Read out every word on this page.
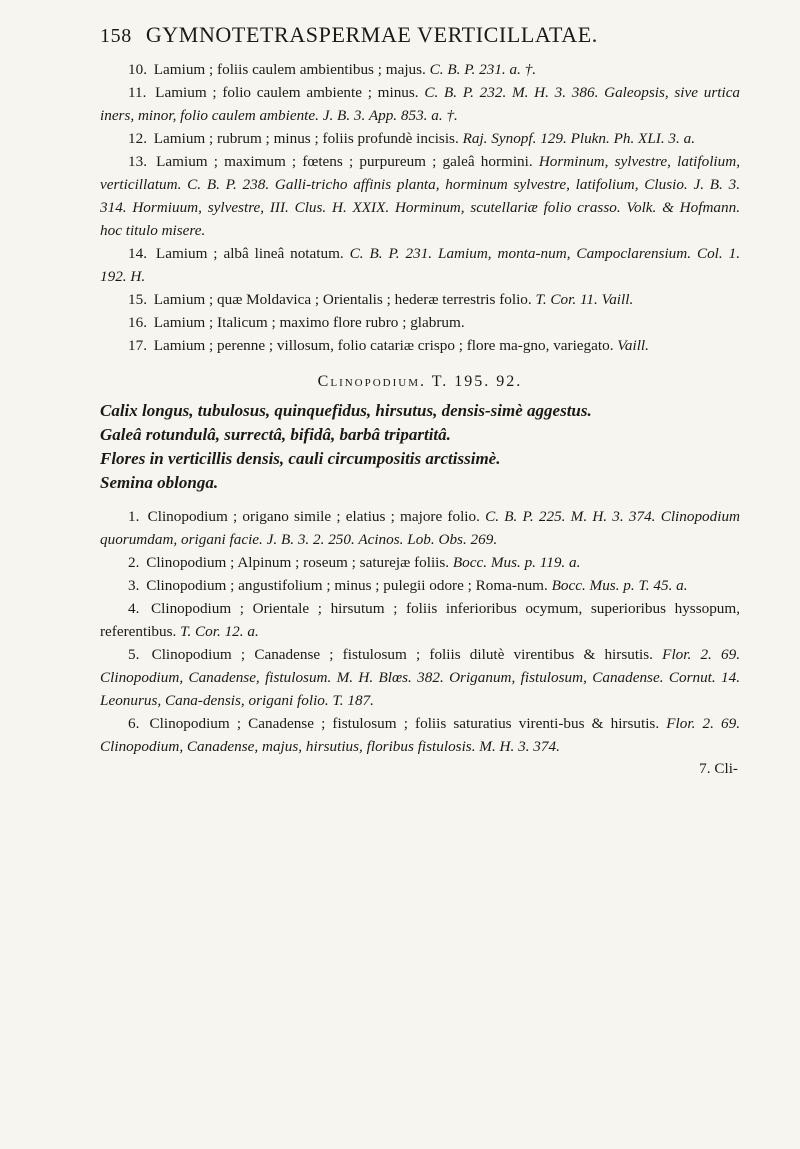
158 GYMNOTETRASPERMAE VERTICILLATAE.

10. Lamium ; foliis caulem ambientibus ; majus. C. B. P. 231. a. †.

11. Lamium ; folio caulem ambiente ; minus. C. B. P. 232. M. H. 3. 386. Galeopsis, sive urtica iners, minor, folio caulem ambiente. J. B. 3. App. 853. a. †.

12. Lamium ; rubrum ; minus ; foliis profundè incisis. Raj. Synopf. 129. Plukn. Ph. XLI. 3. a.

13. Lamium ; maximum ; fœtens ; purpureum ; galeâ hormini. Horminum, sylvestre, latifolium, verticillatum. C. B. P. 238. Galli-tricho affinis planta, horminum sylvestre, latifolium, Clusio. J. B. 3. 314. Hormiuum, sylvestre, III. Clus. H. XXIX. Horminum, scutellariæ folio crasso. Volk. & Hofmann. hoc titulo misere.

14. Lamium ; albâ lineâ notatum. C. B. P. 231. Lamium, monta-num, Campoclarensium. Col. 1. 192. H.

15. Lamium ; quæ Moldavica ; Orientalis ; hederæ terrestris folio. T. Cor. 11. Vaill.

16. Lamium ; Italicum ; maximo flore rubro ; glabrum.

17. Lamium ; perenne ; villosum, folio catariæ crispo ; flore ma-gno, variegato. Vaill.

Clinopodium. T. 195. 92.

Calix longus, tubulosus, quinquefidus, hirsutus, densis-simè aggestus.

Galeâ rotundulâ, surrectâ, bifidâ, barbâ tripartitâ.

Flores in verticillis densis, cauli circumpositis arctissimè.

Semina oblonga.

1. Clinopodium ; origano simile ; elatius ; majore folio. C. B. P. 225. M. H. 3. 374. Clinopodium quorumdam, origani facie. J. B. 3. 2. 250. Acinos. Lob. Obs. 269.

2. Clinopodium ; Alpinum ; roseum ; saturejæ foliis. Bocc. Mus. p. 119. a.

3. Clinopodium ; angustifolium ; minus ; pulegii odore ; Roma-num. Bocc. Mus. p. T. 45. a.

4. Clinopodium ; Orientale ; hirsutum ; foliis inferioribus ocymum, superioribus hyssopum, referentibus. T. Cor. 12. a.

5. Clinopodium ; Canadense ; fistulosum ; foliis dilutè virentibus & hirsutis. Flor. 2. 69. Clinopodium, Canadense, fistulosum. M. H. Blœs. 382. Origanum, fistulosum, Canadense. Cornut. 14. Leonurus, Cana-densis, origani folio. T. 187.

6. Clinopodium ; Canadense ; fistulosum ; foliis saturatius virenti-bus & hirsutis. Flor. 2. 69. Clinopodium, Canadense, majus, hirsutius, floribus fistulosis. M. H. 3. 374.

7. Cli-
